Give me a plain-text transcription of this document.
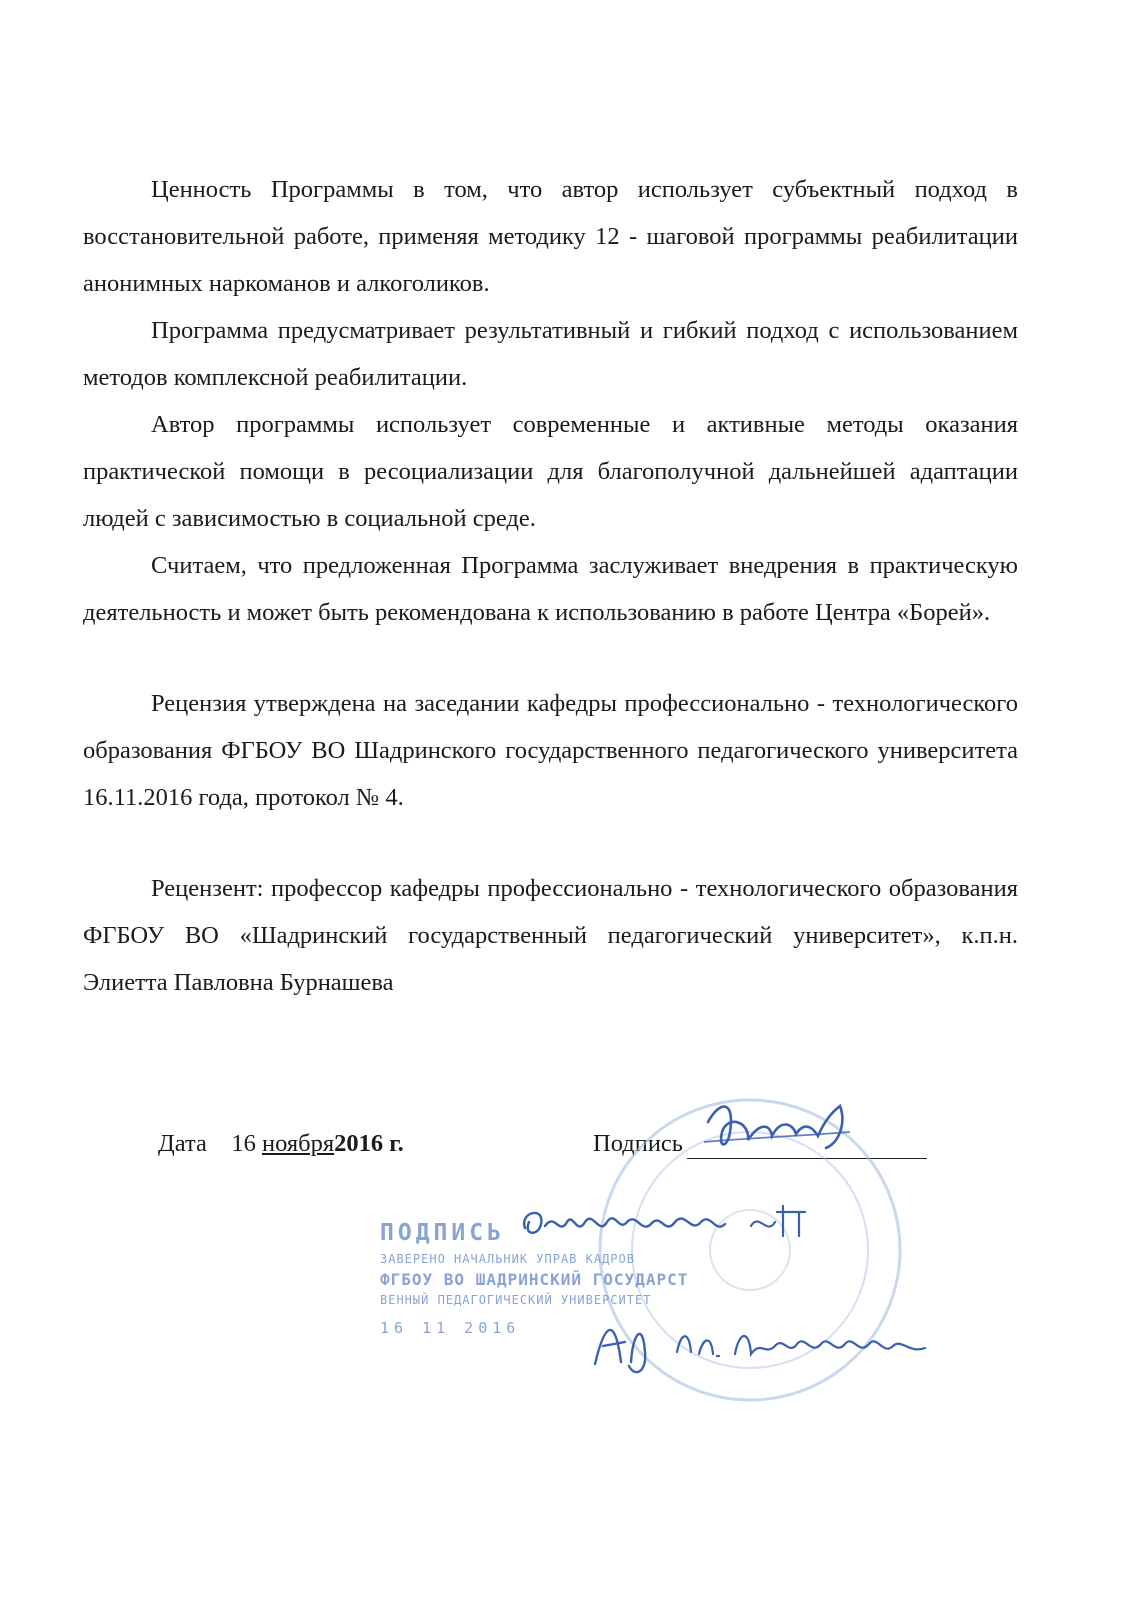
Ценность Программы в том, что автор использует субъектный подход в восстановительной работе, применяя методику 12 - шаговой программы реабилитации анонимных наркоманов и алкоголиков.

Программа предусматривает результативный и гибкий подход с использованием методов комплексной реабилитации.

Автор программы использует современные и активные методы оказания практической помощи в ресоциализации для благополучной дальнейшей адаптации людей с зависимостью в социальной среде.

Считаем, что предложенная Программа заслуживает внедрения в практическую деятельность и может быть рекомендована к использованию в работе Центра «Борей».

Рецензия утверждена на заседании кафедры профессионально - технологического образования ФГБОУ ВО Шадринского государственного педагогического университета 16.11.2016 года, протокол № 4.

Рецензент: профессор кафедры профессионально - технологического образования ФГБОУ ВО «Шадринский государственный педагогический университет», к.п.н. Элиетта Павловна Бурнашева

Дата 16 ноября2016 г.	Подпись
ПОДПИСЬ
ЗАВЕРЕНО НАЧАЛЬНИК УПРАВ КАДРОВ
ФГБОУ ВО ШАДРИНСКИЙ ГОСУДАРСТ
ВЕННЫЙ ПЕДАГОГИЧЕСКИЙ УНИВЕРСИТЕТ
16 11 2016
